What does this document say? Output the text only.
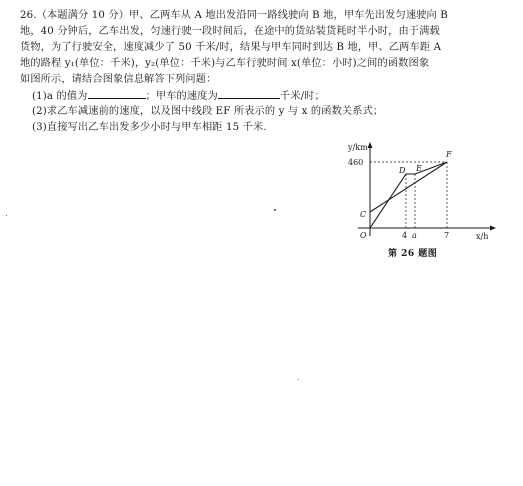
26.（本题满分 10 分）甲、乙两车从 A 地出发沿同一路线驶向 B 地，甲车先出发匀速驶向 B
地，40 分钟后，乙车出发，匀速行驶一段时间后，在途中的货站装货耗时半小时，由于满载
货物，为了行驶安全，速度减少了 50 千米/时，结果与甲车同时到达 B 地，甲、乙两车距 A
地的路程 y₁(单位：千米)，y₂(单位：千米)与乙车行驶时间 x(单位：小时)之间的函数图象
如图所示，请结合图象信息解答下列问题：
(1)a 的值为	；甲车的速度为	千米/时；
(2)求乙车减速前的速度，以及图中线段 EF 所表示的 y 与 x 的函数关系式；
(3)直接写出乙车出发多少小时与甲车相距 15 千米.
y/km
x/h
460
4 a	7
O
C
D E
F
第 26 题图
